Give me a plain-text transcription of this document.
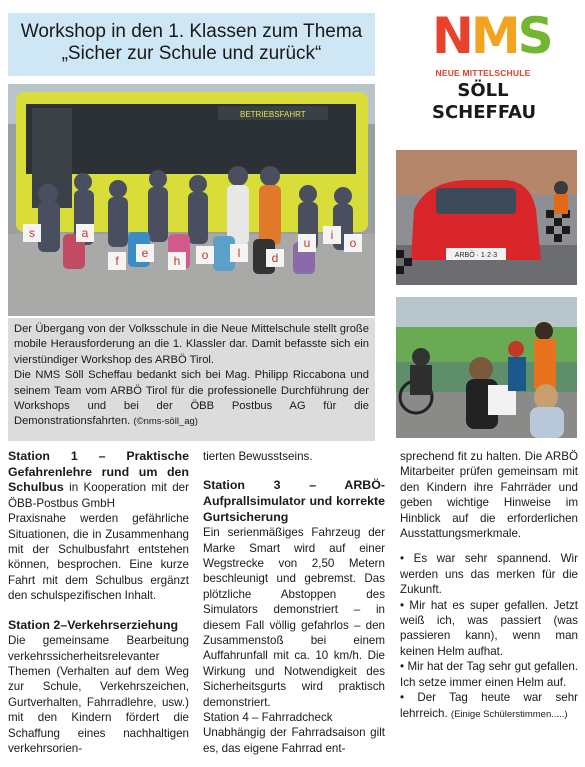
Workshop in den 1. Klassen zum Thema
„Sicher zur Schule und zurück“	NMS
NEUE MITTELSCHULE
SÖLL
SCHEFFAU
BETRIEBSFAHRT
s	a
f
e
h o l	d
u
i
o
ARBÖ · 1·2·3
Der Übergang von der Volksschule in die Neue Mittelschule stellt große mobile Herausforderung an die 1. Klassler dar. Damit befasste sich ein vierstündiger Workshop des ARBÖ Tirol.
Die NMS Söll Scheffau bedankt sich bei Mag. Philipp Riccabona und seinem Team vom ARBÖ Tirol für die professionelle Durchführung der Workshops und bei der ÖBB Postbus AG für die Demonstrationsfahrten. (©nms-söll_ag)

Station 1 – Praktische Gefahrenlehre rund um den Schulbus in Kooperation mit der ÖBB-Postbus GmbH

Praxisnahe werden gefährliche Situationen, die in Zusammenhang mit der Schulbusfahrt entstehen können, besprochen. Eine kurze Fahrt mit dem Schulbus ergänzt den schulspezifischen Inhalt.

Station 2–Verkehrserziehung

Die gemeinsame Bearbeitung verkehrssicherheitsrelevanter Themen (Verhalten auf dem Weg zur Schule, Verkehrszeichen, Gurtverhalten, Fahrradlehre, usw.) mit den Kindern fördert die Schaffung eines nachhaltigen verkehrsorien-

tierten Bewusstseins.

Station 3 – ARBÖ-Aufprallsimulator und korrekte Gurtsicherung

Ein serienmäßiges Fahrzeug der Marke Smart wird auf einer Wegstrecke von 2,50 Metern beschleunigt und gebremst. Das plötzliche Abstoppen des Simulators demonstriert – in diesem Fall völlig gefahrlos – den Zusammenstoß bei einem Auffahrunfall mit ca. 10 km/h. Die Wirkung und Notwendigkeit des Sicherheitsgurts wird praktisch demonstriert.

Station 4 – Fahrradcheck

Unabhängig der Fahrradsaison gilt es, das eigene Fahrrad ent-

sprechend fit zu halten. Die ARBÖ Mitarbeiter prüfen gemeinsam mit den Kindern ihre Fahrräder und geben wichtige Hinweise im Hinblick auf die erforderlichen Ausstattungsmerkmale.

• Es war sehr spannend. Wir werden uns das merken für die Zukunft.

• Mir hat es super gefallen. Jetzt weiß ich, was passiert (was passieren kann), wenn man keinen Helm aufhat.

• Mir hat der Tag sehr gut gefallen. Ich setze immer einen Helm auf.

• Der Tag heute war sehr lehrreich. (Einige Schülerstimmen.....)
